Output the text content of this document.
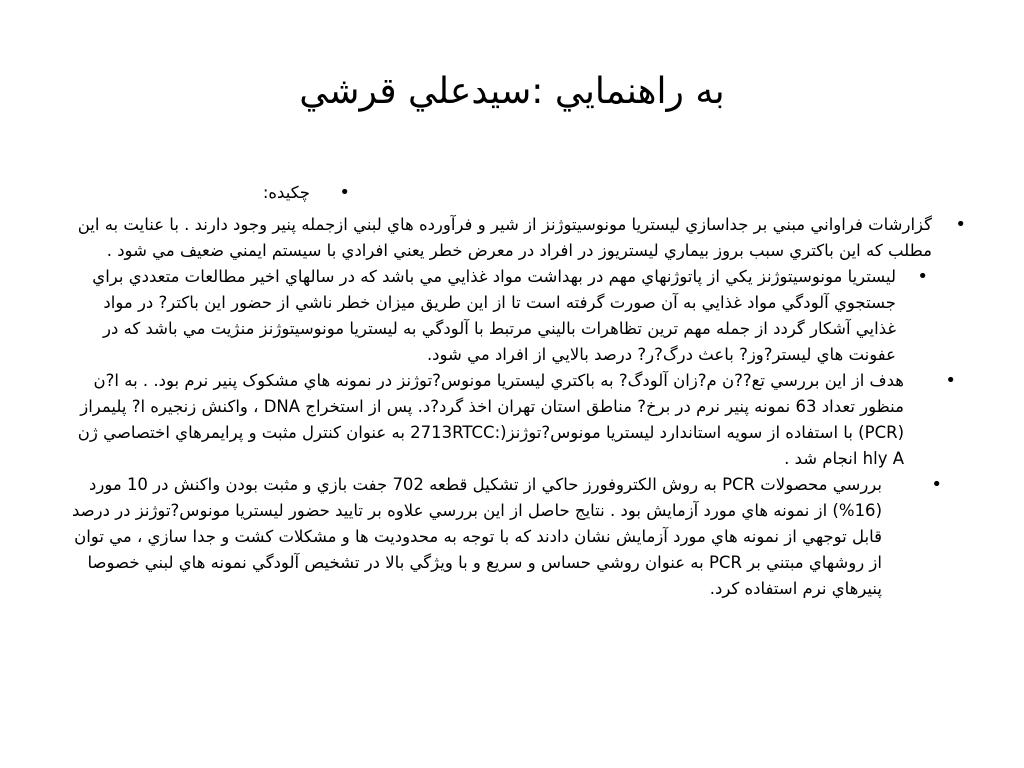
به راهنمايي :سيدعلي قرشي
•
چکيده:
•
گزارشات فراواني مبني بر جداسازي ليستريا مونوسيتوژنز از شير و فرآورده هاي لبني ازجمله پنير وجود دارند . با عنايت به اين مطلب که اين باکتري سبب بروز بيماري ليستريوز در افراد در معرض خطر يعني افرادي با سيستم ايمني ضعيف مي شود .
•
ليستريا مونوسيتوژنز يکي از پاتوژنهاي مهم در بهداشت مواد غذايي مي باشد که در سالهاي اخير مطالعات متعددي براي جستجوي آلودگي مواد غذايي به آن صورت گرفته است تا از اين طريق ميزان خطر ناشي از حضور اين باکتر? در مواد غذايي آشکار گردد از جمله مهم ترين تظاهرات باليني مرتبط با آلودگي به ليستريا مونوسيتوژنز منژيت مي باشد که در عفونت هاي ليستر?وز? باعث درگ?ر? درصد بالايي از افراد مي شود.
•
هدف از اين بررسي تع??ن م?زان آلودگ? به باکتري ليستريا مونوس?توژنز در نمونه هاي مشکوک پنير نرم بود. . به ا?ن منظور تعداد 63 نمونه پنير نرم در برخ? مناطق استان تهران اخذ گرد?د. پس از استخراج DNA ، واکنش زنجيره ا? پليمراز (PCR) با استفاده از سويه استاندارد ليستريا مونوس?توژنز(:2713RTCC به عنوان کنترل مثبت و پرايمرهاي اختصاصي ژن hly A انجام شد .
•
بررسي محصولات PCR به روش الکتروفورز حاکي از تشکيل قطعه 702 جفت بازي و مثبت بودن واکنش در 10 مورد (16%) از نمونه هاي مورد آزمايش بود . نتايج حاصل از اين بررسي علاوه بر تاييد حضور ليستريا مونوس?توژنز در درصد قابل توجهي از نمونه هاي مورد آزمايش نشان دادند که با توجه به محدوديت ها و مشکلات کشت و جدا سازي ، مي توان از روشهاي مبتني بر PCR به عنوان روشي حساس و سريع و با ويژگي بالا در تشخيص آلودگي نمونه هاي لبني خصوصا پنيرهاي نرم استفاده کرد.
